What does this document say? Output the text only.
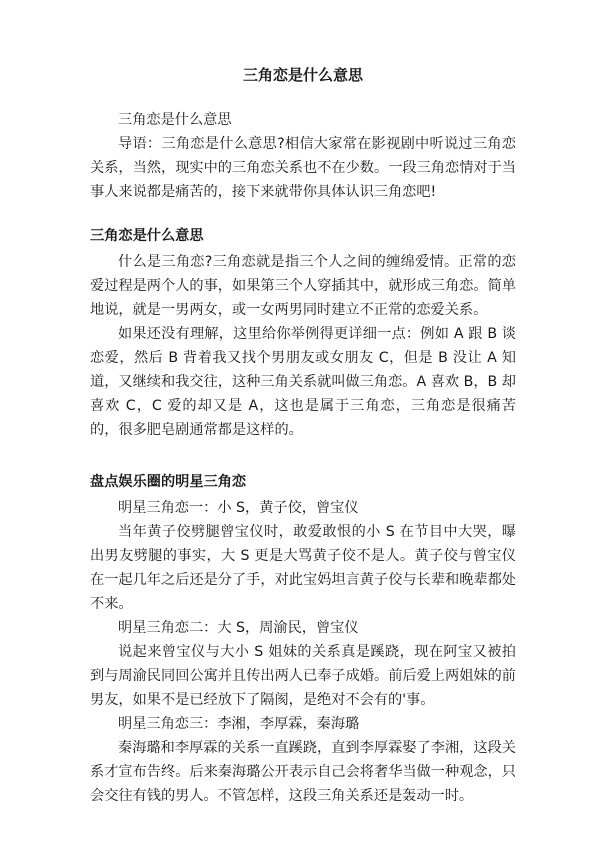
三角恋是什么意思

三角恋是什么意思

导语：三角恋是什么意思?相信大家常在影视剧中听说过三角恋关系，当然，现实中的三角恋关系也不在少数。一段三角恋情对于当事人来说都是痛苦的，接下来就带你具体认识三角恋吧!

三角恋是什么意思

什么是三角恋?三角恋就是指三个人之间的缠绵爱情。正常的恋爱过程是两个人的事，如果第三个人穿插其中，就形成三角恋。简单地说，就是一男两女，或一女两男同时建立不正常的恋爱关系。

如果还没有理解，这里给你举例得更详细一点：例如 A 跟 B 谈恋爱，然后 B 背着我又找个男朋友或女朋友 C，但是 B 没让 A 知道，又继续和我交往，这种三角关系就叫做三角恋。A 喜欢 B，B 却喜欢 C，C 爱的却又是 A，这也是属于三角恋，三角恋是很痛苦的，很多肥皂剧通常都是这样的。

盘点娱乐圈的明星三角恋

明星三角恋一：小 S，黄子佼，曾宝仪

当年黄子佼劈腿曾宝仪时，敢爱敢恨的小 S 在节目中大哭，曝出男友劈腿的事实，大 S 更是大骂黄子佼不是人。黄子佼与曾宝仪在一起几年之后还是分了手，对此宝妈坦言黄子佼与长辈和晚辈都处不来。

明星三角恋二：大 S，周渝民，曾宝仪

说起来曾宝仪与大小 S 姐妹的关系真是蹊跷，现在阿宝又被拍到与周渝民同回公寓并且传出两人已奉子成婚。前后爱上两姐妹的前男友，如果不是已经放下了隔阂，是绝对不会有的'事。

明星三角恋三：李湘，李厚霖，秦海璐

秦海璐和李厚霖的关系一直蹊跷，直到李厚霖娶了李湘，这段关系才宣布告终。后来秦海璐公开表示自己会将奢华当做一种观念，只会交往有钱的男人。不管怎样，这段三角关系还是轰动一时。
